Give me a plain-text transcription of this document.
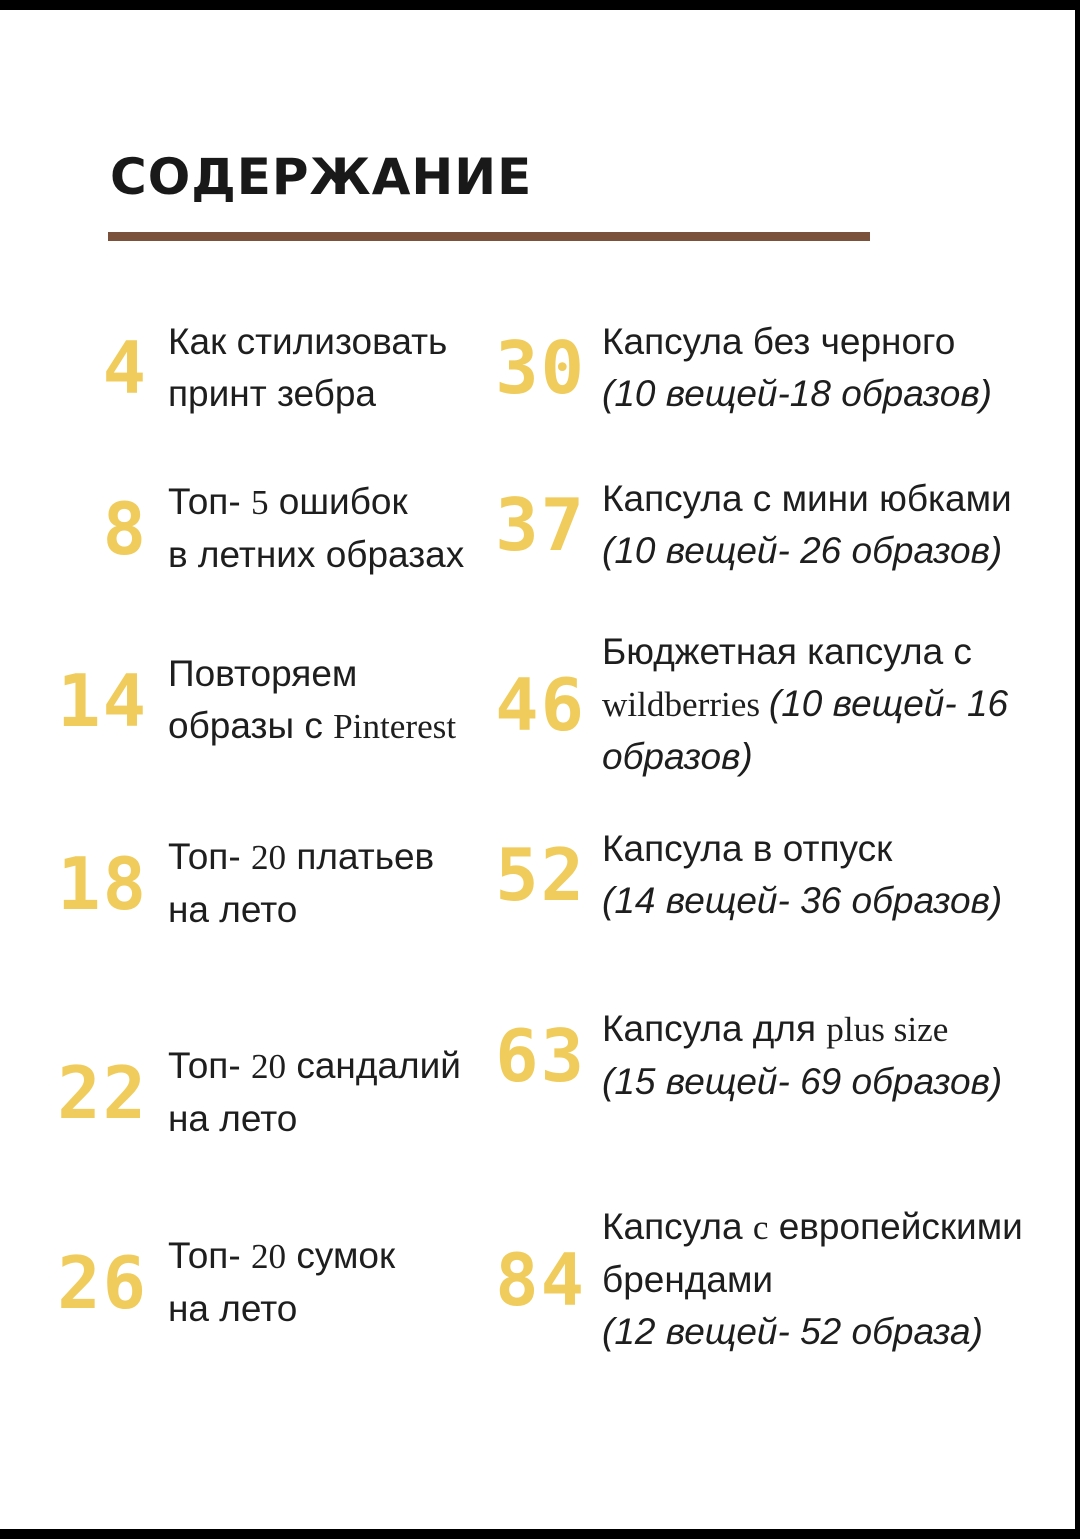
СОДЕРЖАНИЕ
4 Как стилизовать
принт зебра
8 Топ- 5 ошибок
в летних образах
14 Повторяем
образы с Pinterest
18 Топ- 20 платьев
на лето
22 Топ- 20 сандалий
на лето
26 Топ- 20 сумок
на лето
30 Капсула без черного
(10 вещей-18 образов)
37 Капсула с мини юбками
(10 вещей- 26 образов)
46
Бюджетная капсула с
wildberries (10 вещей- 16
образов)
52 Капсула в отпуск
(14 вещей- 36 образов)
63 Капсула для plus size
(15 вещей- 69 образов)
84
Капсула с европейскими
брендами
(12 вещей- 52 образа)
